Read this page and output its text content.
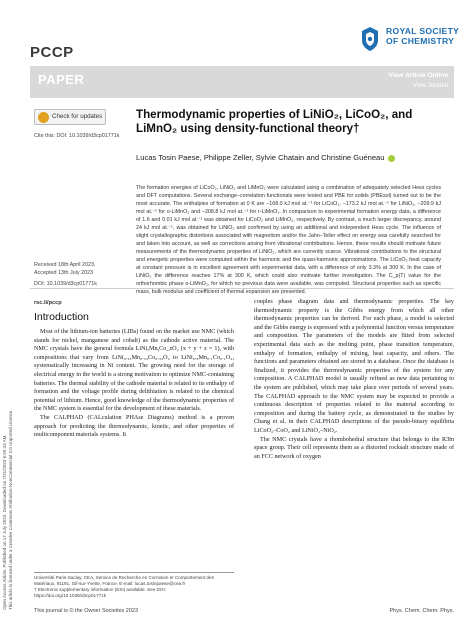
PCCP
ROYAL SOCIETY
OF CHEMISTRY
PAPER	View Article Online
View Journal
Open Access Article. Published on 17 July 2023. Downloaded on 7/31/2023 6:55:43 AM. This article is licensed under a Creative Commons Attribution-NonCommercial 3.0 Unported Licence.
Check for updates
Cite this: DOI: 10.1039/d3cp01771k
Received 18th April 2023,
Accepted 13th July 2023
DOI: 10.1039/d3cp01771k
Thermodynamic properties of LiNiO₂, LiCoO₂, and LiMnO₂ using density-functional theory†
Lucas Tosin Paese, Philippe Zeller, Sylvie Chatain and Christine Guéneau
The formation energies of LiCoO₂, LiNiO₂ and LiMnO₂ were calculated using a combination of adequately selected Hess cycles and DFT computations. Several exchange–correlation functionals were tested and PBE for solids (PBEsol) turned out to be the most accurate. The enthalpies of formation at 0 K are −168.0 kJ mol at.⁻¹ for LiCoO₂, −173.2 kJ mol at.⁻¹ for LiNiO₂, −209.9 kJ mol at.⁻¹ for o-LiMnO₂ and −208.8 kJ mol at.⁻¹ for r-LiMnO₂. In comparison to experimental formation energy data, a difference of 1.6 and 0.01 kJ mol at.⁻¹ was obtained for LiCoO₂ and LiMnO₂, respectively. By contrast, a much larger discrepancy, around 24 kJ mol at.⁻¹, was obtained for LiNiO₂ and confirmed by using an additional and independent Hess cycle. The influence of slight crystallographic distortions associated with magnetism and/or the Jahn–Teller effect on energy was carefully searched for and taken into account, as well as corrections arising from vibrational contributions. Hence, these results should motivate future measurements of the thermodynamic properties of LiNiO₂, which are currently scarce. Vibrational contributions to the structural and energetic properties were computed within the harmonic and the quasi-harmonic approximations. The LiCoO₂ heat capacity at constant pressure is in excellent agreement with experimental data, with a difference of only 3.3% at 300 K. In the case of LiNiO₂ the difference reaches 17% at 300 K, which could also motivate further investigation. The C_p(T) value for the orthorhombic phase o-LiMnO₂, for which no previous data were available, was computed. Structural properties such as specific mass, bulk modulus and coefficient of thermal expansion are presented.
rsc.li/pccp
Introduction

Most of the lithium-ion batteries (LIBs) found on the market use NMC (which stands for nickel, manganese and cobalt) as the cathode active material. The NMC crystals have the general formula LiNiₓMnᵧCo_zO₂ (x + y + z = 1), with compositions that vary from LiNi₀.₃₃Mn₀.₃₃Co₀.₃₃O₂ to LiNi₀.₈Mn₀.₁Co₀.₁O₂, systematically increasing in Ni content. The growing need for the storage of electrical energy in the world is a strong motivation to optimize NMC-containing batteries. The thermal stability of the cathode material is related to its enthalpy of formation and the voltage profile during delithiation is related to the chemical potential of lithium. Hence, good knowledge of the thermodynamic properties of the NMC system is essential for the development of these materials.

The CALPHAD (CALculation PHAse Diagrams) method is a proven approach for predicting the thermodynamic, kinetic, and other properties of multicomponent materials systems. It

couples phase diagram data and thermodynamic properties. The key thermodynamic property is the Gibbs energy from which all other thermodynamic properties can be derived. For each phase, a model is selected and the Gibbs energy is expressed with a polynomial function versus temperature and composition. The parameters of the models are fitted from selected experimental data such as the melting point, phase transition temperature, enthalpy of formation, enthalpy of mixing, heat capacity, and others. The functions and parameters obtained are stored in a database. Once the database is finalized, it provides the thermodynamic properties of the system for any composition. A CALPHAD model is usually refined as new data pertaining to the system are published, which may take place over periods of several years. The CALPHAD approach to the NMC system may be expected to provide a continuous description of properties related to the material according to composition and during the battery cycle, as demonstrated in the studies by Chang et al. in their CALPHAD descriptions of the pseudo-binary equilibria LiCoO₂–CoO₂ and LiNiO₂–NiO₂.

The NMC crystals have a rhombohedral structure that belongs to the R3̄m space group. Their cell represents them as a distorted rocksalt structure made of an FCC network of oxygen

Université Paris-Saclay, CEA, Service de Recherche en Corrosion et Comportement des Matériaux, 91191, Gif-sur-Yvette, France. E-mail: lucas.tosinpaese@cea.fr
† Electronic supplementary information (ESI) available. See DOI: https://doi.org/10.1039/d3cp01771k
This journal is © the Owner Societies 2023	Phys. Chem. Chem. Phys.
